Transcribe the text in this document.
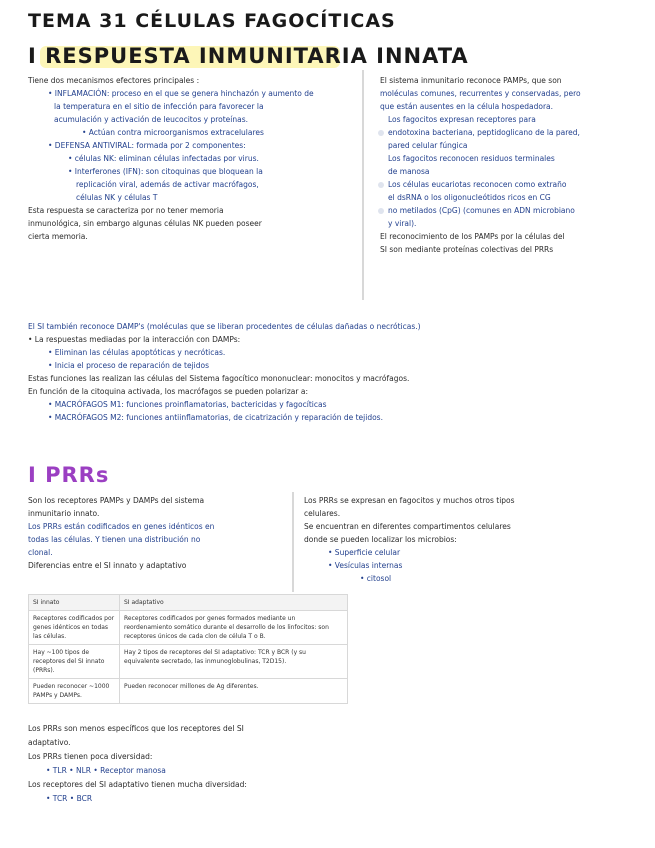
TEMA 31 CÉLULAS FAGOCÍTICAS
I RESPUESTA INMUNITARIA INNATA
Tiene dos mecanismos efectores principales :
• INFLAMACIÓN: proceso en el que se genera hinchazón y aumento de
la temperatura en el sitio de infección para favorecer la
acumulación y activación de leucocitos y proteínas.
• Actúan contra microorganismos extracelulares
• DEFENSA ANTIVIRAL: formada por 2 componentes:
• células NK: eliminan células infectadas por virus.
• Interferones (IFN): son citoquinas que bloquean la
replicación viral, además de activar macrófagos,
células NK y células T
Esta respuesta se caracteriza por no tener memoria
inmunológica, sin embargo algunas células NK pueden poseer
cierta memoria.
El sistema inmunitario reconoce PAMPs, que son
moléculas comunes, recurrentes y conservadas, pero
que están ausentes en la célula hospedadora.
Los fagocitos expresan receptores para
endotoxina bacteriana, peptidoglicano de la pared,
pared celular fúngica
Los fagocitos reconocen residuos terminales
de manosa
Los células eucariotas reconocen como extraño
el dsRNA o los oligonucleótidos ricos en CG
no metilados (CpG) (comunes en ADN microbiano
y viral).
El reconocimiento de los PAMPs por la células del
SI son mediante proteínas colectivas del PRRs
El SI también reconoce DAMP's (moléculas que se liberan procedentes de células dañadas o necróticas.)
• La respuestas mediadas por la interacción con DAMPs:
• Eliminan las células apoptóticas y necróticas.
• Inicia el proceso de reparación de tejidos
Estas funciones las realizan las células del Sistema fagocítico mononuclear: monocitos y macrófagos.
En función de la citoquina activada, los macrófagos se pueden polarizar a:
• MACRÓFAGOS M1: funciones proinflamatorias, bactericidas y fagocíticas
• MACRÓFAGOS M2: funciones antiinflamatorias, de cicatrización y reparación de tejidos.
I PRRs
Son los receptores PAMPs y DAMPs del sistema
inmunitario innato.
Los PRRs están codificados en genes idénticos en
todas las células. Y tienen una distribución no
clonal.
Diferencias entre el SI innato y adaptativo
Los PRRs se expresan en fagocitos y muchos otros tipos
celulares.
Se encuentran en diferentes compartimentos celulares
donde se pueden localizar los microbios:
• Superficie celular
• Vesículas internas
• citosol
SI innato	SI adaptativo
Receptores codificados por genes idénticos en todas las células.	Receptores codificados por genes formados mediante un reordenamiento somático durante el desarrollo de los linfocitos: son receptores únicos de cada clon de célula T o B.
Hay ~100 tipos de receptores del SI innato (PRRs).	Hay 2 tipos de receptores del SI adaptativo: TCR y BCR (y su equivalente secretado, las inmunoglobulinas, T2D15).
Pueden reconocer ~1000 PAMPs y DAMPs.	Pueden reconocer millones de Ag diferentes.
Los PRRs son menos específicos que los receptores del SI
adaptativo.
Los PRRs tienen poca diversidad:
• TLR • NLR • Receptor manosa
Los receptores del SI adaptativo tienen mucha diversidad:
• TCR • BCR
